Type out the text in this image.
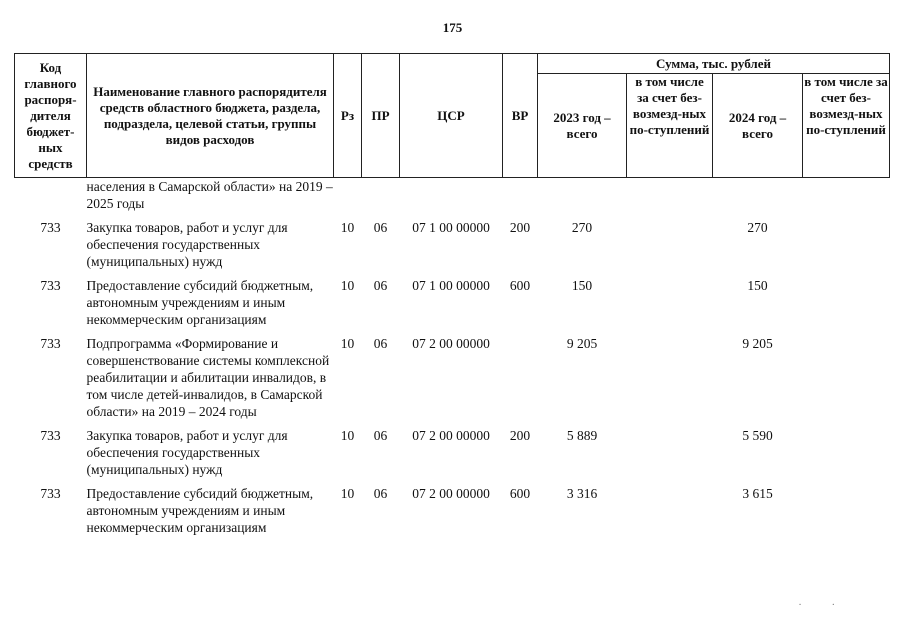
175
Код главного распоря-дителя бюджет-ных средств	Наименование главного распорядителя средств областного бюджета, раздела, подраздела, целевой статьи, группы видов расходов	Рз	ПР	ЦСР	ВР	Сумма, тыс. рублей			
						2023 год – всего	в том числе за счет без-возмезд-ных по-ступлений	2024 год – всего	в том числе за счет без-возмезд-ных по-ступлений
	населения в Самарской области» на 2019 – 2025 годы								
733	Закупка товаров, работ и услуг для обеспечения государственных (муниципальных) нужд	10	06	07 1 00 00000	200	270		270	
733	Предоставление субсидий бюджетным, автономным учреждениям и иным некоммерческим организациям	10	06	07 1 00 00000	600	150		150	
733	Подпрограмма «Формирование и совершенствование системы комплексной реабилитации и абилитации инвалидов, в том числе детей-инвалидов, в Самарской области» на 2019 – 2024 годы	10	06	07 2 00 00000		9 205		9 205	
733	Закупка товаров, работ и услуг для обеспечения государственных (муниципальных) нужд	10	06	07 2 00 00000	200	5 889		5 590	
733	Предоставление субсидий бюджетным, автономным учреждениям и иным некоммерческим организациям	10	06	07 2 00 00000	600	3 316		3 615	
··
